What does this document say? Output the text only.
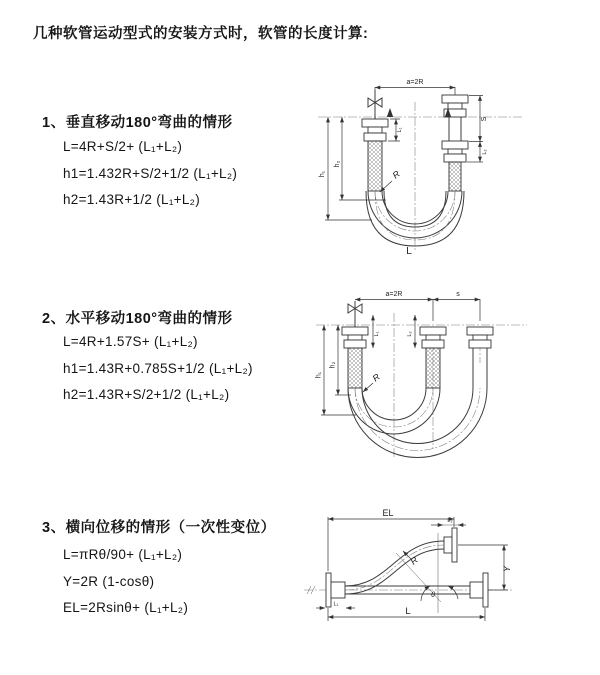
几种软管运动型式的安装方式时，软管的长度计算:
1、垂直移动180°弯曲的情形
L=4R+S/2+ (L₁+L₂)
h1=1.432R+S/2+1/2 (L₁+L₂)
h2=1.43R+1/2 (L₁+L₂)
a=2R
h₁
h₂
L₁
S
L₂
R
L
2、水平移动180°弯曲的情形
L=4R+1.57S+ (L₁+L₂)
h1=1.43R+0.785S+1/2 (L₁+L₂)
h2=1.43R+S/2+1/2 (L₁+L₂)
a=2R	s
h₁
h₂
L₁	L₂
R
3、横向位移的情形（一次性变位）
L=πRθ/90+ (L₁+L₂)
Y=2R (1-cosθ)
EL=2Rsinθ+ (L₁+L₂)
EL
L₂
Y
L
L₁
R
θ
